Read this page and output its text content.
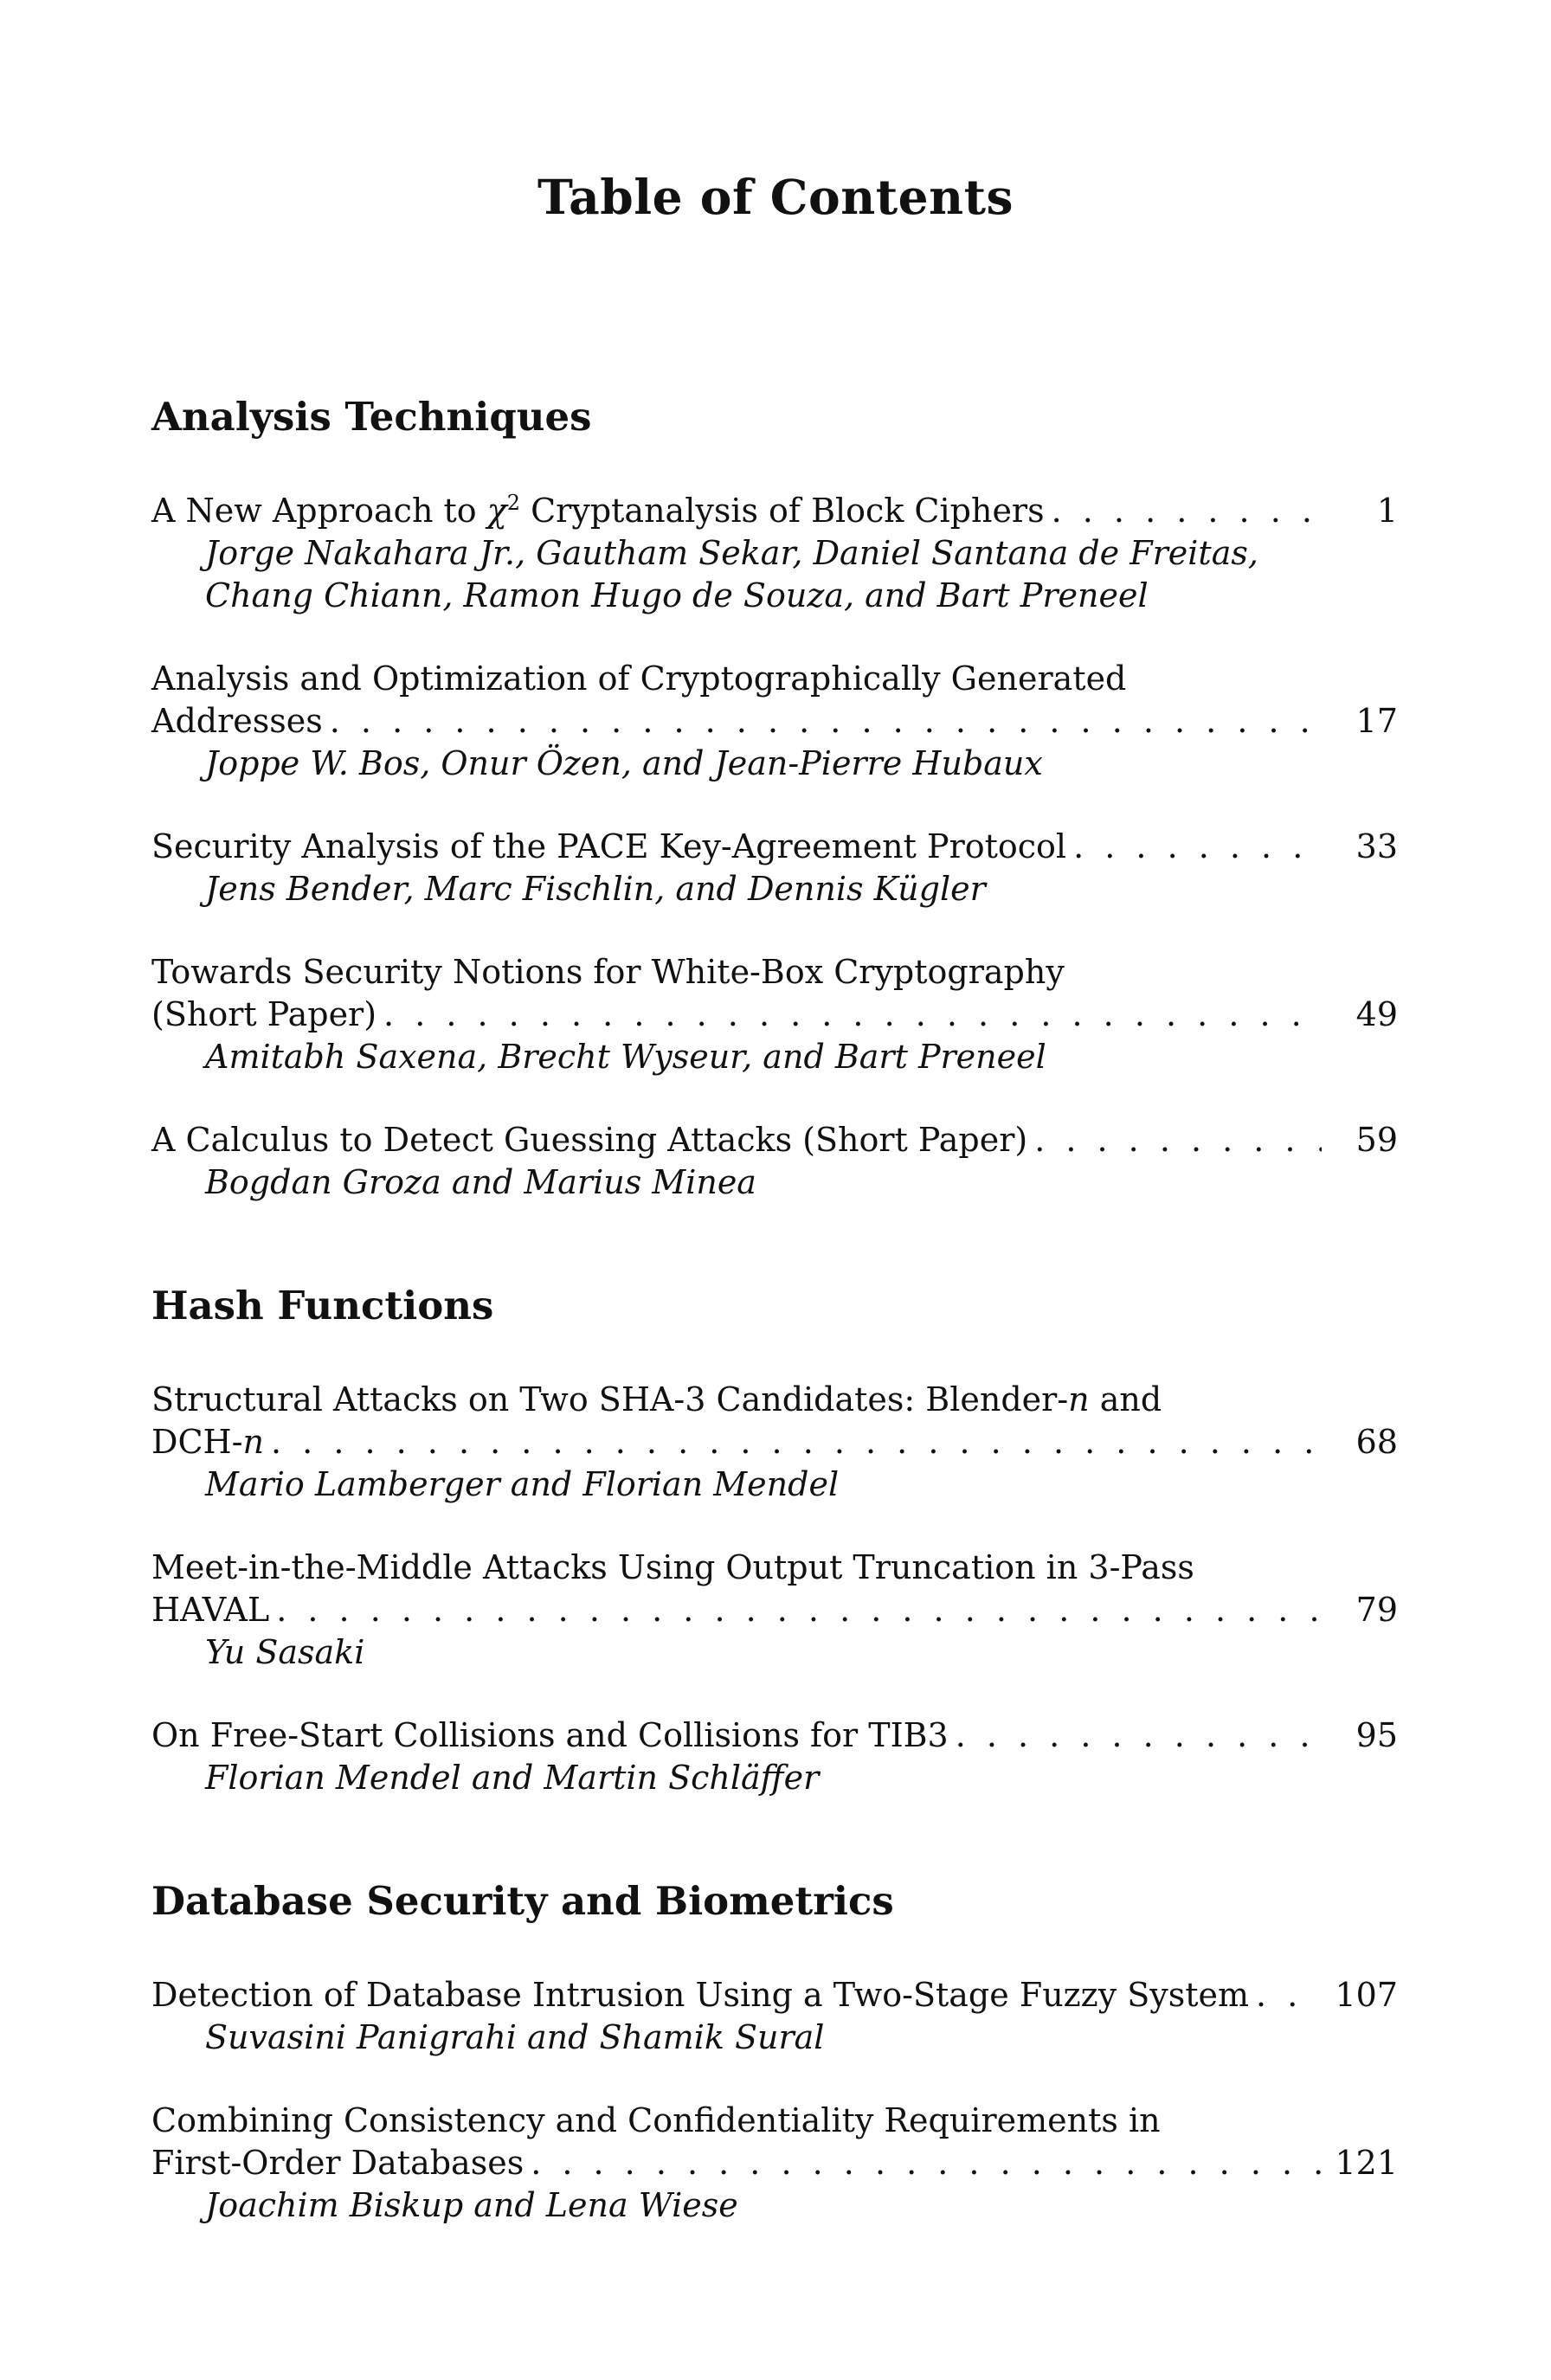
Table of Contents
Analysis Techniques
A New Approach to $\chi^2$ Cryptanalysis of Block Ciphers . . .	1
Jorge Nakahara Jr., Gautham Sekar, Daniel Santana de Freitas,
Chang Chiann, Ramon Hugo de Souza, and Bart Preneel
Analysis and Optimization of Cryptographically Generated
Addresses . . .	17
Joppe W. Bos, Onur Özen, and Jean-Pierre Hubaux
Security Analysis of the PACE Key-Agreement Protocol . . .	33
Jens Bender, Marc Fischlin, and Dennis Kügler
Towards Security Notions for White-Box Cryptography
(Short Paper) . . .	49
Amitabh Saxena, Brecht Wyseur, and Bart Preneel
A Calculus to Detect Guessing Attacks (Short Paper) . . .	59
Bogdan Groza and Marius Minea
Hash Functions
Structural Attacks on Two SHA-3 Candidates: Blender-n and
DCH-n . . .	68
Mario Lamberger and Florian Mendel
Meet-in-the-Middle Attacks Using Output Truncation in 3-Pass
HAVAL . . .	79
Yu Sasaki
On Free-Start Collisions and Collisions for TIB3 . . .	95
Florian Mendel and Martin Schläffer
Database Security and Biometrics
Detection of Database Intrusion Using a Two-Stage Fuzzy System . . .	107
Suvasini Panigrahi and Shamik Sural
Combining Consistency and Confidentiality Requirements in
First-Order Databases . . .	121
Joachim Biskup and Lena Wiese
